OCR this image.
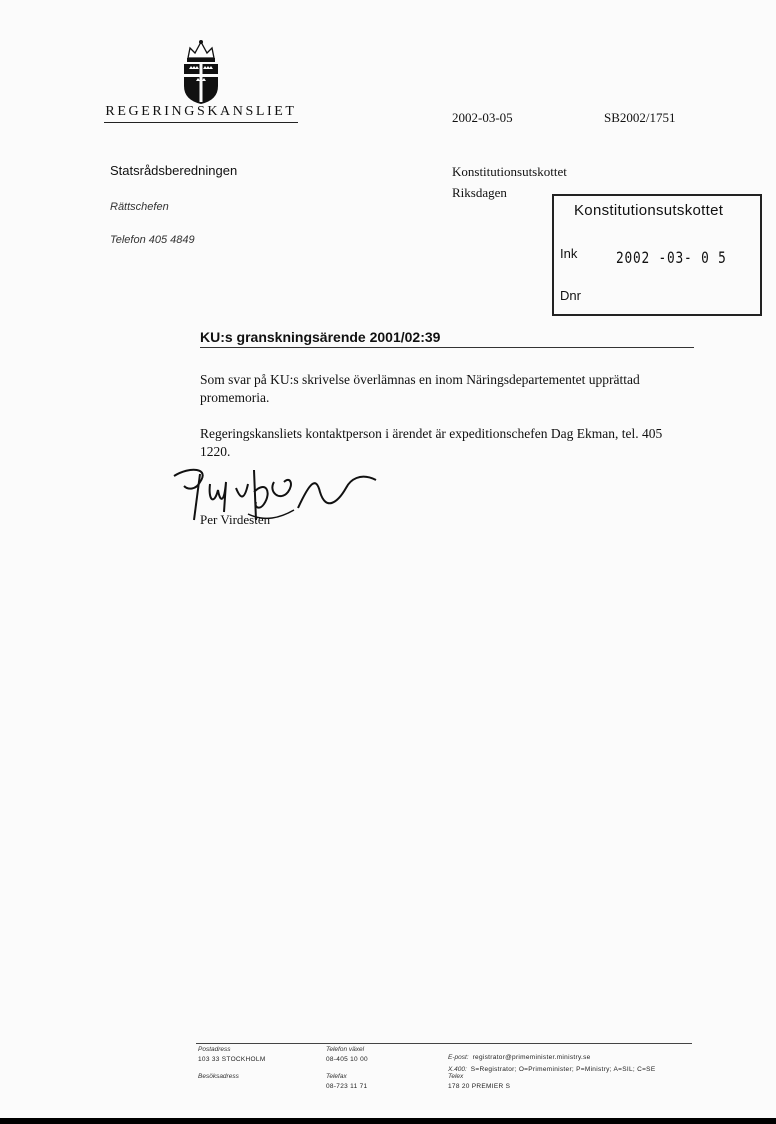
REGERINGSKANSLIET	2002-03-05	SB2002/1751
Statsrådsberedningen
Rättschefen
Telefon 405 4849
Konstitutionsutskottet
Riksdagen
Konstitutionsutskottet
Ink 2002 -03- 0 5
Dnr
KU:s granskningsärende 2001/02:39
Som svar på KU:s skrivelse överlämnas en inom Näringsdepartementet upprättad promemoria.
Regeringskansliets kontaktperson i ärendet är expeditionschefen Dag Ekman, tel. 405 1220.
Per Virdesten
Postadress
103 33 STOCKHOLM
Besöksadress
Telefon växel
08-405 10 00
Telefax
08-723 11 71
E-post: registrator@primeminister.ministry.se
X.400: S=Registrator; O=Primeminister; P=Ministry; A=SIL; C=SE
Telex
178 20 PREMIER S
